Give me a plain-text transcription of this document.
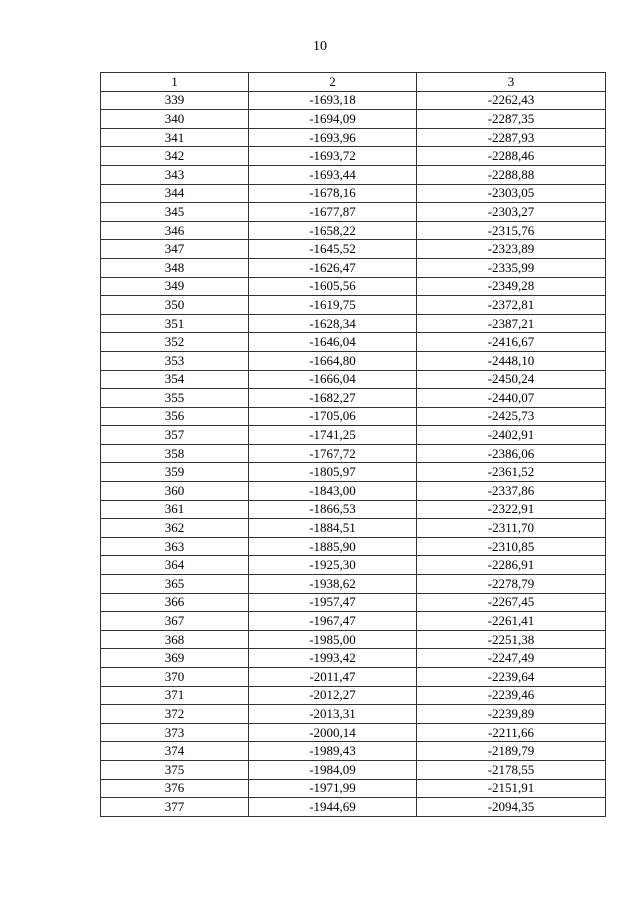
10
1	2	3
339	-1693,18	-2262,43
340	-1694,09	-2287,35
341	-1693,96	-2287,93
342	-1693,72	-2288,46
343	-1693,44	-2288,88
344	-1678,16	-2303,05
345	-1677,87	-2303,27
346	-1658,22	-2315,76
347	-1645,52	-2323,89
348	-1626,47	-2335,99
349	-1605,56	-2349,28
350	-1619,75	-2372,81
351	-1628,34	-2387,21
352	-1646,04	-2416,67
353	-1664,80	-2448,10
354	-1666,04	-2450,24
355	-1682,27	-2440,07
356	-1705,06	-2425,73
357	-1741,25	-2402,91
358	-1767,72	-2386,06
359	-1805,97	-2361,52
360	-1843,00	-2337,86
361	-1866,53	-2322,91
362	-1884,51	-2311,70
363	-1885,90	-2310,85
364	-1925,30	-2286,91
365	-1938,62	-2278,79
366	-1957,47	-2267,45
367	-1967,47	-2261,41
368	-1985,00	-2251,38
369	-1993,42	-2247,49
370	-2011,47	-2239,64
371	-2012,27	-2239,46
372	-2013,31	-2239,89
373	-2000,14	-2211,66
374	-1989,43	-2189,79
375	-1984,09	-2178,55
376	-1971,99	-2151,91
377	-1944,69	-2094,35
